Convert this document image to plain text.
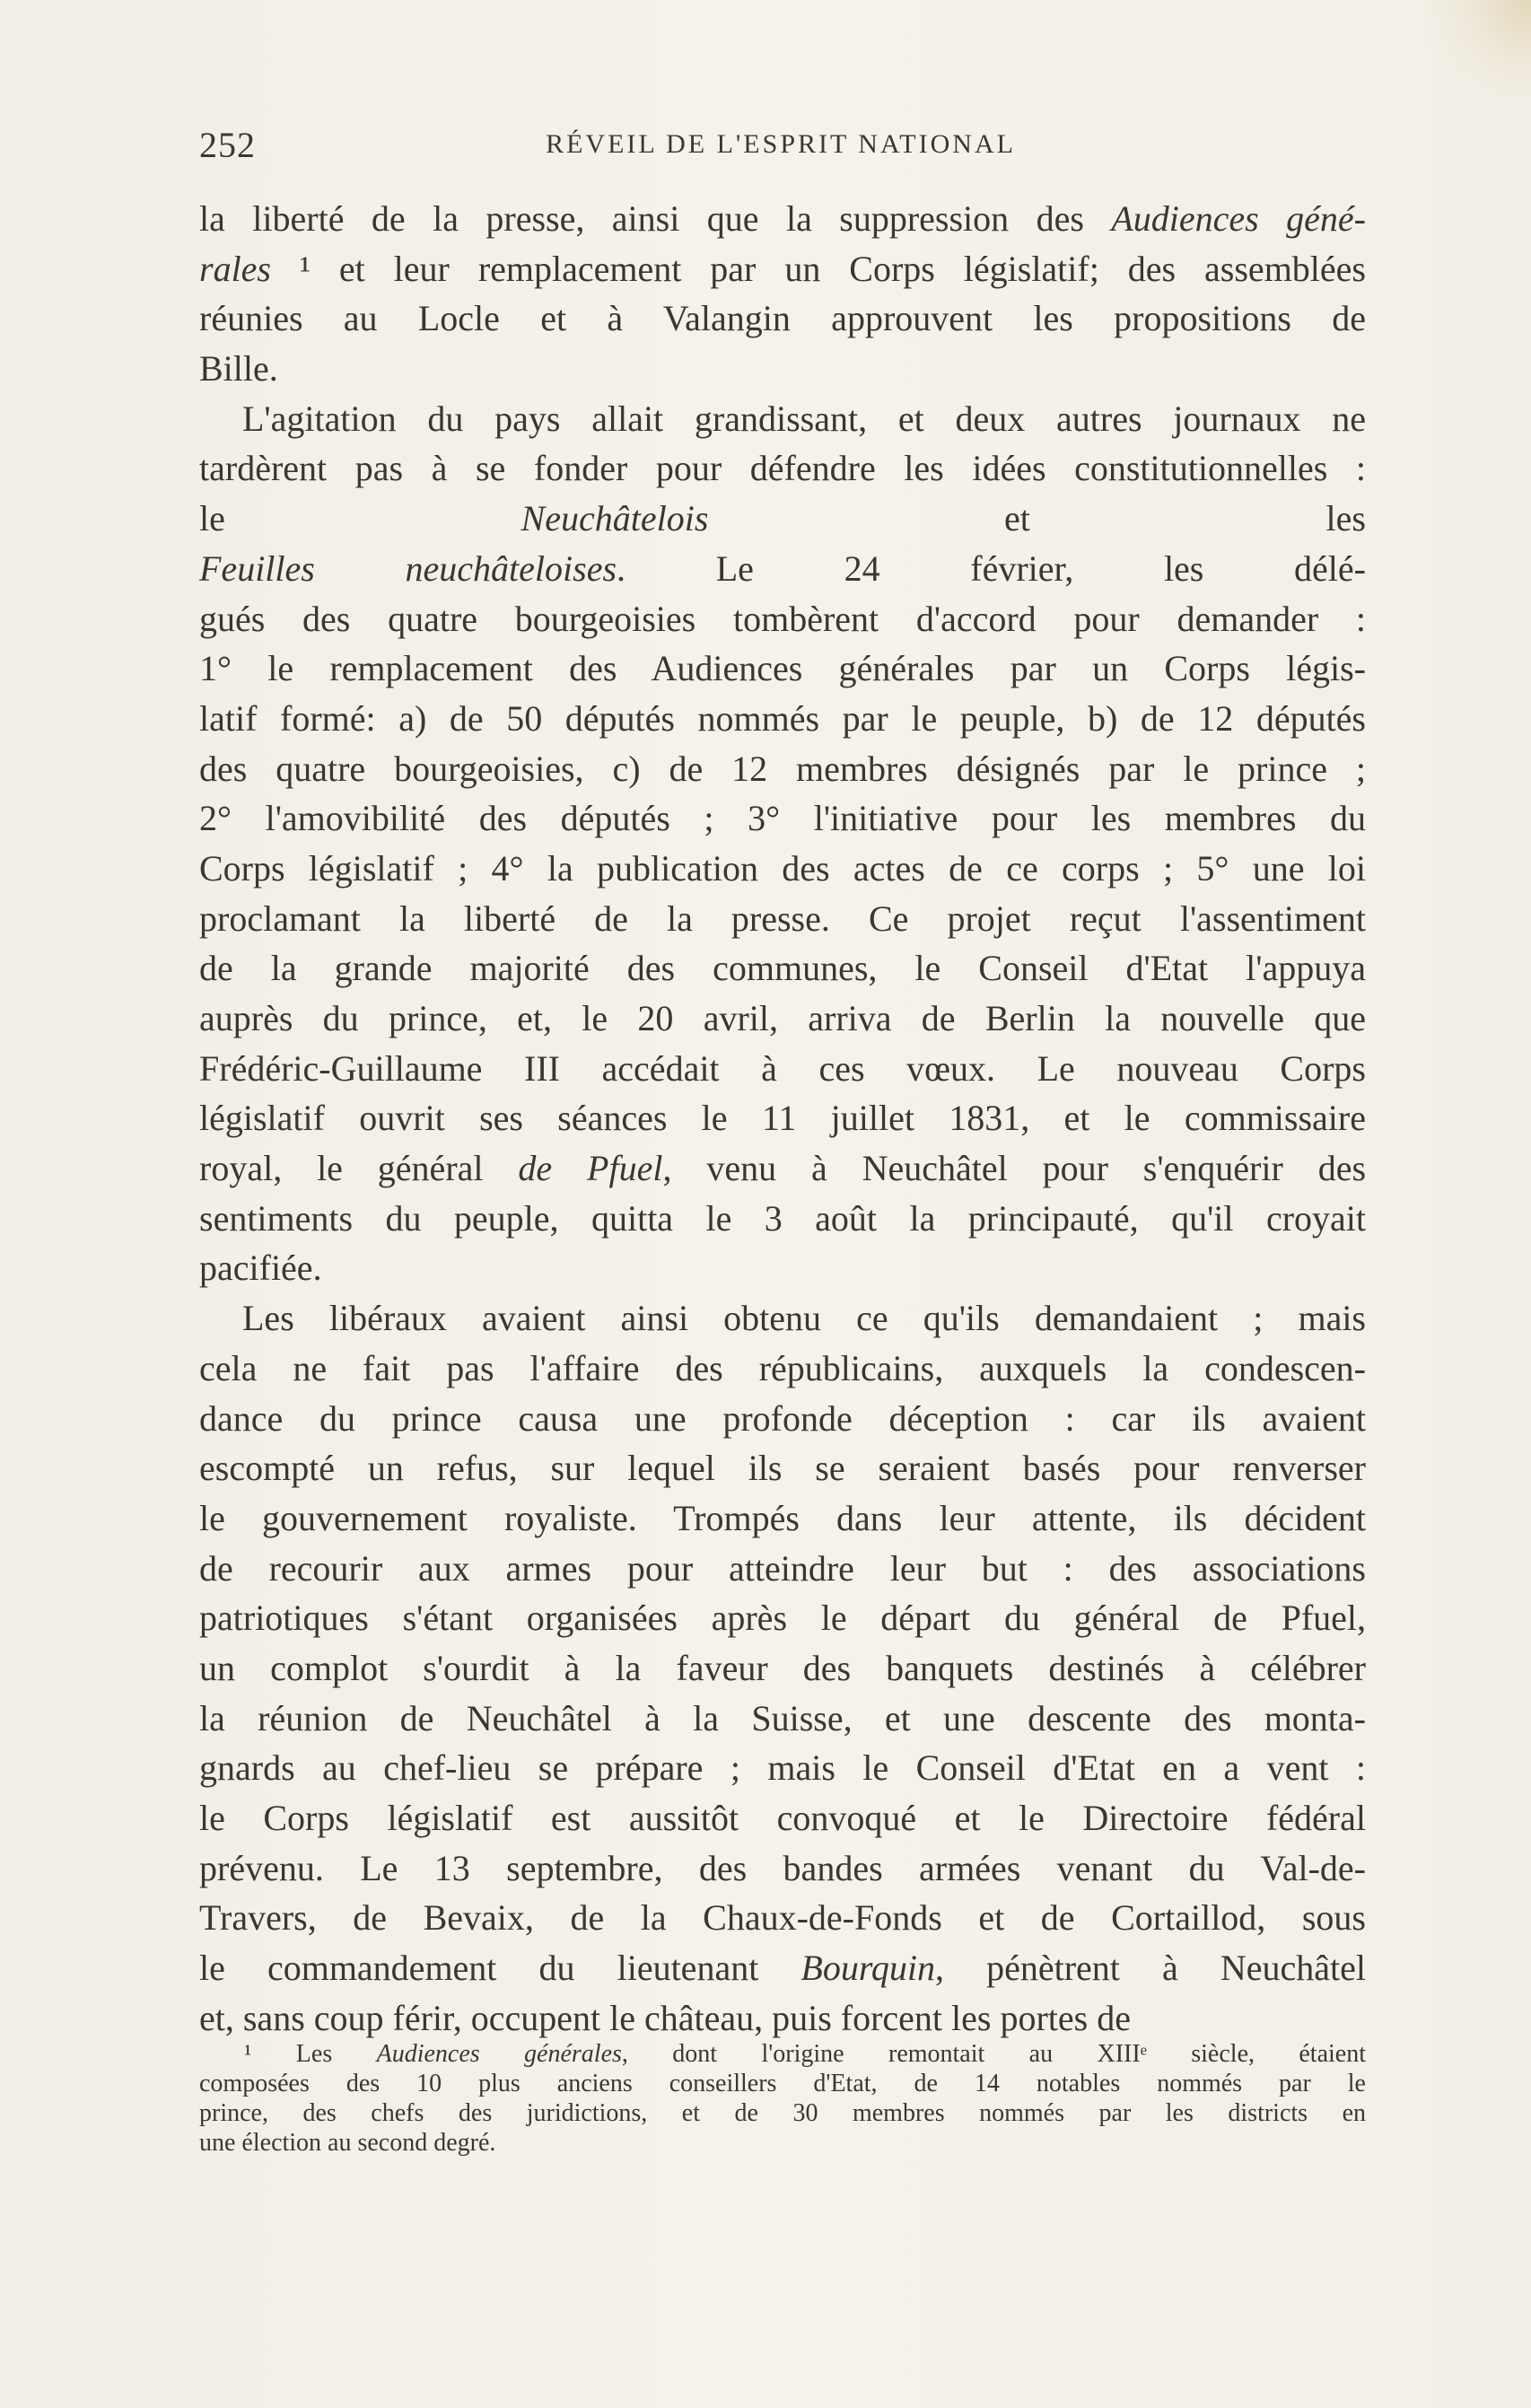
252	RÉVEIL DE L'ESPRIT NATIONAL
la liberté de la presse, ainsi que la suppression des Audiences géné-
rales ¹ et leur remplacement par un Corps législatif; des assemblées
réunies au Locle et à Valangin approuvent les propositions de
Bille.
L'agitation du pays allait grandissant, et deux autres journaux ne
tardèrent pas à se fonder pour défendre les idées constitutionnelles :
le Neuchâtelois et les
Feuilles neuchâteloises. Le 24 février, les délé-
gués des quatre bourgeoisies tombèrent d'accord pour demander :
1° le remplacement des Audiences générales par un Corps légis-
latif formé: a) de 50 députés nommés par le peuple, b) de 12 députés
des quatre bourgeoisies, c) de 12 membres désignés par le prince ;
2° l'amovibilité des députés ; 3° l'initiative pour les membres du
Corps législatif ; 4° la publication des actes de ce corps ; 5° une loi
proclamant la liberté de la presse. Ce projet reçut l'assentiment
de la grande majorité des communes, le Conseil d'Etat l'appuya
auprès du prince, et, le 20 avril, arriva de Berlin la nouvelle que
Frédéric-Guillaume III accédait à ces vœux. Le nouveau Corps
législatif ouvrit ses séances le 11 juillet 1831, et le commissaire
royal, le général de Pfuel, venu à Neuchâtel pour s'enquérir des
sentiments du peuple, quitta le 3 août la principauté, qu'il croyait
pacifiée.
Les libéraux avaient ainsi obtenu ce qu'ils demandaient ; mais
cela ne fait pas l'affaire des républicains, auxquels la condescen-
dance du prince causa une profonde déception : car ils avaient
escompté un refus, sur lequel ils se seraient basés pour renverser
le gouvernement royaliste. Trompés dans leur attente, ils décident
de recourir aux armes pour atteindre leur but : des associations
patriotiques s'étant organisées après le départ du général de Pfuel,
un complot s'ourdit à la faveur des banquets destinés à célébrer
la réunion de Neuchâtel à la Suisse, et une descente des monta-
gnards au chef-lieu se prépare ; mais le Conseil d'Etat en a vent :
le Corps législatif est aussitôt convoqué et le Directoire fédéral
prévenu. Le 13 septembre, des bandes armées venant du Val-de-
Travers, de Bevaix, de la Chaux-de-Fonds et de Cortaillod, sous
le commandement du lieutenant Bourquin, pénètrent à Neuchâtel
et, sans coup férir, occupent le château, puis forcent les portes de
¹ Les Audiences générales, dont l'origine remontait au XIIIᵉ siècle, étaient
composées des 10 plus anciens conseillers d'Etat, de 14 notables nommés par le
prince, des chefs des juridictions, et de 30 membres nommés par les districts en
une élection au second degré.
